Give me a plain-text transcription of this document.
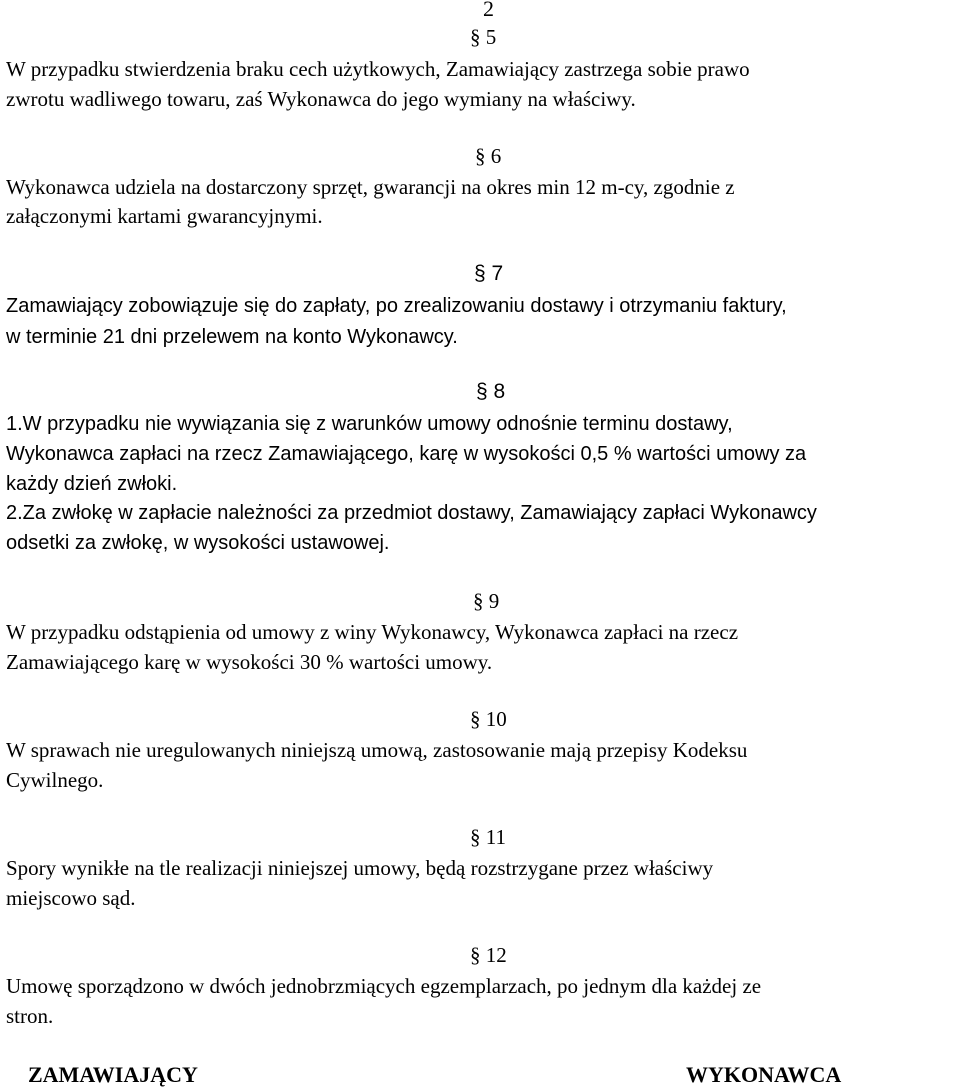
2
§ 5
W przypadku stwierdzenia braku cech użytkowych, Zamawiający zastrzega sobie prawo
zwrotu wadliwego towaru, zaś Wykonawca do jego wymiany na właściwy.
§ 6
Wykonawca udziela na dostarczony sprzęt, gwarancji na okres min 12 m-cy, zgodnie z
załączonymi kartami gwarancyjnymi.
§ 7
Zamawiający zobowiązuje się do zapłaty, po zrealizowaniu dostawy i otrzymaniu faktury,
w terminie 21 dni przelewem na konto Wykonawcy.
§ 8
1.W przypadku nie wywiązania się z warunków umowy odnośnie terminu dostawy,
Wykonawca zapłaci na rzecz Zamawiającego, karę w wysokości 0,5 % wartości umowy za
każdy dzień zwłoki.
2.Za zwłokę w zapłacie należności za przedmiot dostawy, Zamawiający zapłaci Wykonawcy
odsetki za zwłokę, w wysokości ustawowej.
§ 9
W przypadku odstąpienia od umowy z winy Wykonawcy, Wykonawca zapłaci na rzecz
Zamawiającego karę w wysokości 30 % wartości umowy.
§ 10
W sprawach nie uregulowanych niniejszą umową, zastosowanie mają przepisy Kodeksu
Cywilnego.
§ 11
Spory wynikłe na tle realizacji niniejszej umowy, będą rozstrzygane przez właściwy
miejscowo sąd.
§ 12
Umowę sporządzono w dwóch jednobrzmiących egzemplarzach, po jednym dla każdej ze
stron.
ZAMAWIAJĄCY	WYKONAWCA
